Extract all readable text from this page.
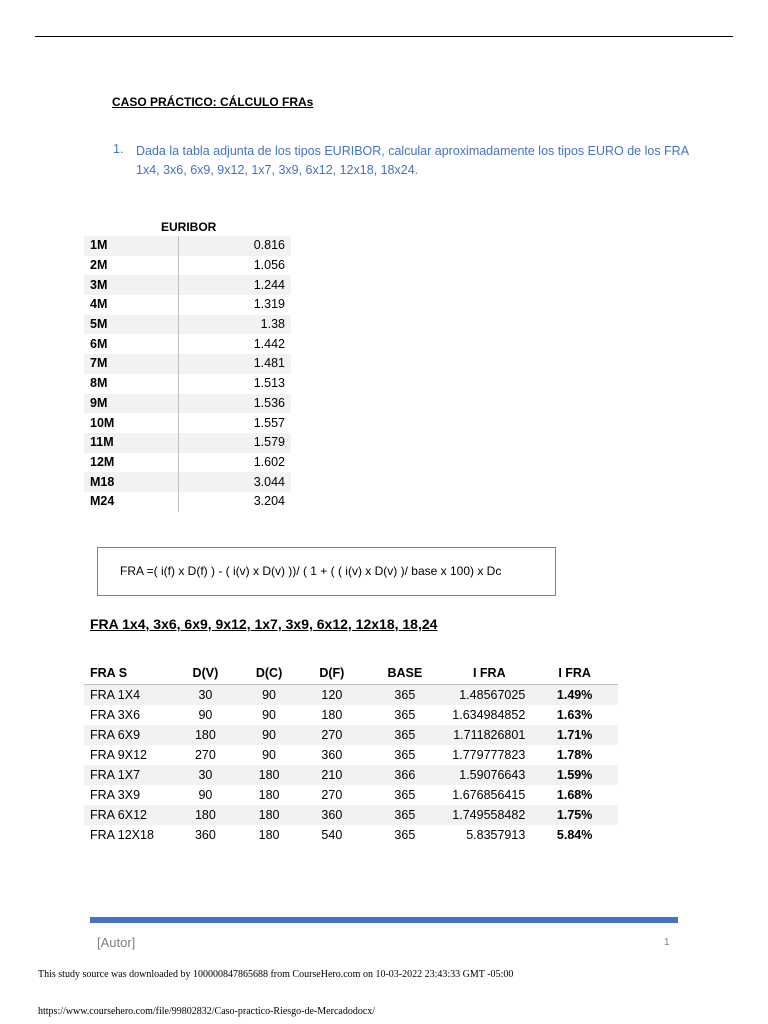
CASO PRÁCTICO: CÁLCULO FRAs
1. Dada la tabla adjunta de los tipos EURIBOR, calcular aproximadamente los tipos EURO de los FRA 1x4, 3x6, 6x9, 9x12, 1x7, 3x9, 6x12, 12x18, 18x24.
EURIBOR
1M	0.816
2M	1.056
3M	1.244
4M	1.319
5M	1.38
6M	1.442
7M	1.481
8M	1.513
9M	1.536
10M	1.557
11M	1.579
12M	1.602
M18	3.044
M24	3.204
FRA =( i(f) x D(f) ) - ( i(v) x D(v) ))/ ( 1 + ( ( i(v) x D(v) )/ base x 100) x Dc
FRA 1x4, 3x6, 6x9, 9x12, 1x7, 3x9, 6x12, 12x18, 18,24
FRA S	D(V)	D(C)	D(F)	BASE	I FRA	I FRA
FRA 1X4	30	90	120	365	1.48567025	1.49%
FRA 3X6	90	90	180	365	1.634984852	1.63%
FRA 6X9	180	90	270	365	1.711826801	1.71%
FRA 9X12	270	90	360	365	1.779777823	1.78%
FRA 1X7	30	180	210	366	1.59076643	1.59%
FRA 3X9	90	180	270	365	1.676856415	1.68%
FRA 6X12	180	180	360	365	1.749558482	1.75%
FRA 12X18	360	180	540	365	5.8357913	5.84%
[Autor]	1
This study source was downloaded by 100000847865688 from CourseHero.com on 10-03-2022 23:43:33 GMT -05:00
https://www.coursehero.com/file/99802832/Caso-practico-Riesgo-de-Mercadodocx/
